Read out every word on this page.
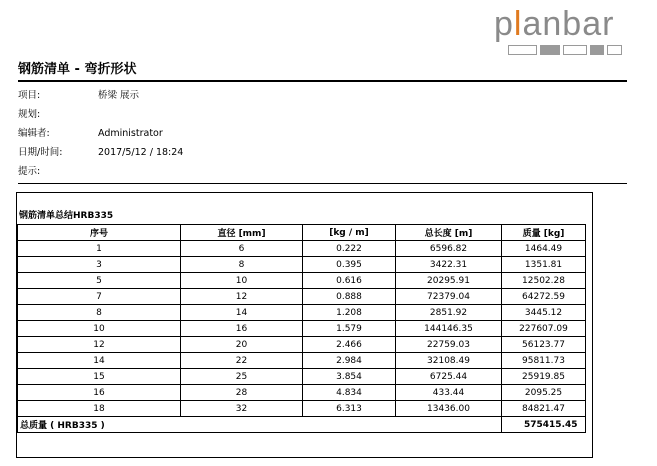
planbar
钢筋清单 - 弯折形状
项目:	桥梁 展示
规划:
编辑者:	Administrator
日期/时间:	2017/5/12 / 18:24
提示:
钢筋清单总结HRB335
序号	直径 [mm]	[kg / m]	总长度 [m]	质量 [kg]
1	6	0.222	6596.82	1464.49
3	8	0.395	3422.31	1351.81
5	10	0.616	20295.91	12502.28
7	12	0.888	72379.04	64272.59
8	14	1.208	2851.92	3445.12
10	16	1.579	144146.35	227607.09
12	20	2.466	22759.03	56123.77
14	22	2.984	32108.49	95811.73
15	25	3.854	6725.44	25919.85
16	28	4.834	433.44	2095.25
18	32	6.313	13436.00	84821.47
总质量 ( HRB335 )				575415.45
